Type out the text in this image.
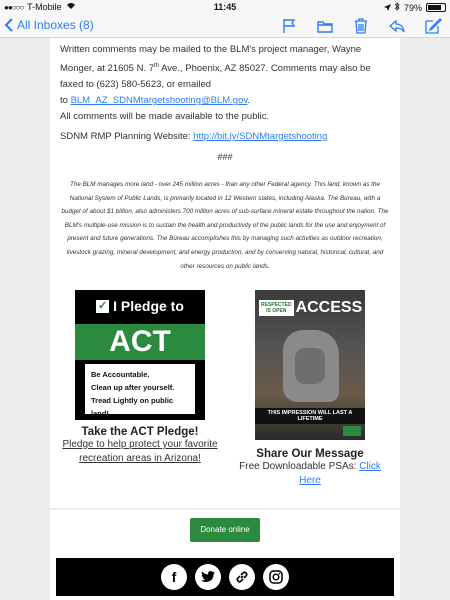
●●○○○ T-Mobile	11:45	79%
All Inboxes (8)
Written comments may be mailed to the BLM's project manager, Wayne Monger, at 21605 N. 7th Ave., Phoenix, AZ 85027. Comments may also be faxed to (623) 580-5623, or emailed
to BLM_AZ_SDNMtargetshooting@BLM.gov.
All comments will be made available to the public.
SDNM RMP Planning Website: http://bit.ly/SDNMtargetshooting
###
The BLM manages more land - over 245 million acres - than any other Federal agency. This land, known as the National System of Public Lands, is primarily located in 12 Western states, including Alaska. The Bureau, with a budget of about $1 billion, also administers 700 million acres of sub-surface mineral estate throughout the nation. The BLM's multiple-use mission is to sustain the health and productivity of the public lands for the use and enjoyment of present and future generations. The Bureau accomplishes this by managing such activities as outdoor recreation, livestock grazing, mineral development, and energy production, and by conserving natural, historical, cultural, and other resources on public lands.
✓ I Pledge to
ACT
Be Accountable.
Clean up after yourself.
Tread Lightly on public land!
Take the ACT Pledge!
Pledge to help protect your favorite recreation areas in Arizona!
RESPECTED IS OPEN ACCESS
THIS IMPRESSION WILL LAST A LIFETIME
Share Our Message
Free Downloadable PSAs: Click Here
Donate online
f
